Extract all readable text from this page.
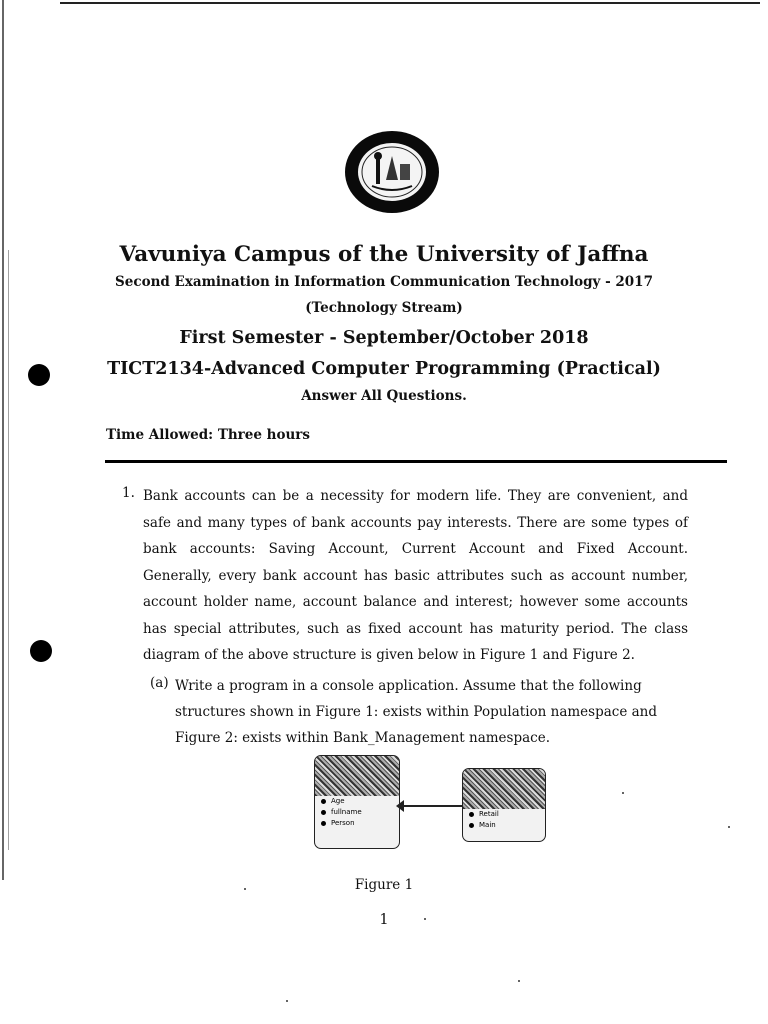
Vavuniya Campus of the University of Jaffna
Second Examination in Information Communication Technology - 2017
(Technology Stream)
First Semester - September/October 2018
TICT2134-Advanced Computer Programming (Practical)
Answer All Questions.
Time Allowed: Three hours
1. Bank accounts can be a necessity for modern life. They are convenient, and safe and many types of bank accounts pay interests. There are some types of bank accounts: Saving Account, Current Account and Fixed Account. Generally, every bank account has basic attributes such as account number, account holder name, account balance and interest; however some accounts has special attributes, such as fixed account has maturity period. The class diagram of the above structure is given below in Figure 1 and Figure 2.
(a) Write a program in a console application. Assume that the following structures shown in Figure 1: exists within Population namespace and Figure 2: exists within Bank_Management namespace.
Age
fullname
Person
Retail
Main
Figure 1
1
